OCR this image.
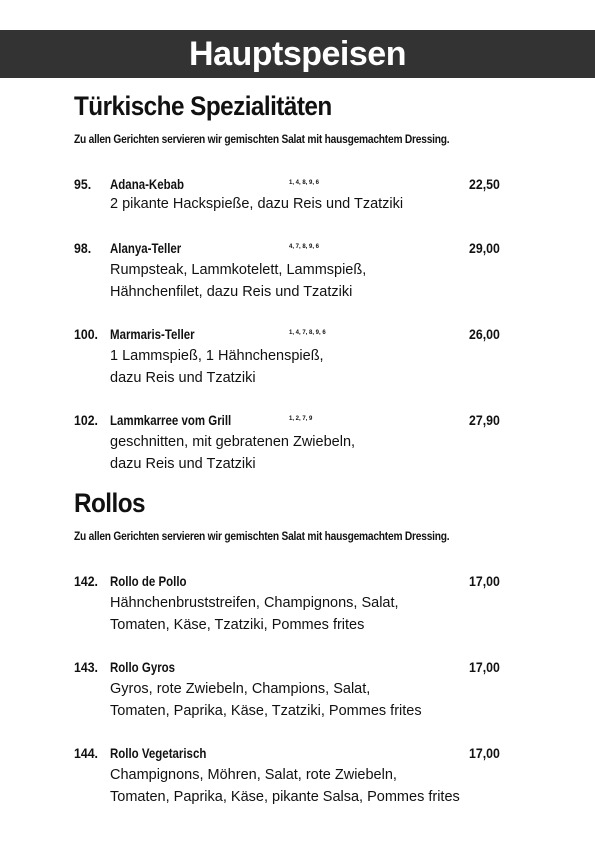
Hauptspeisen
Türkische Spezialitäten
Zu allen Gerichten servieren wir gemischten Salat mit hausgemachtem Dressing.
95. Adana-Kebab	1, 4, 8, 9, 6	22,50
2 pikante Hackspieße, dazu Reis und Tzatziki
98. Alanya-Teller	4, 7, 8, 9, 6	29,00
Rumpsteak, Lammkotelett, Lammspieß,
Hähnchenfilet, dazu Reis und Tzatziki
100. Marmaris-Teller	1, 4, 7, 8, 9, 6	26,00
1 Lammspieß, 1 Hähnchenspieß,
dazu Reis und Tzatziki
102. Lammkarree vom Grill	1, 2, 7, 9	27,90
geschnitten, mit gebratenen Zwiebeln,
dazu Reis und Tzatziki
Rollos
Zu allen Gerichten servieren wir gemischten Salat mit hausgemachtem Dressing.
142. Rollo de Pollo	17,00
Hähnchenbruststreifen, Champignons, Salat,
Tomaten, Käse, Tzatziki, Pommes frites
143. Rollo Gyros	17,00
Gyros, rote Zwiebeln, Champions, Salat,
Tomaten, Paprika, Käse, Tzatziki, Pommes frites
144. Rollo Vegetarisch	17,00
Champignons, Möhren, Salat, rote Zwiebeln,
Tomaten, Paprika, Käse, pikante Salsa, Pommes frites
